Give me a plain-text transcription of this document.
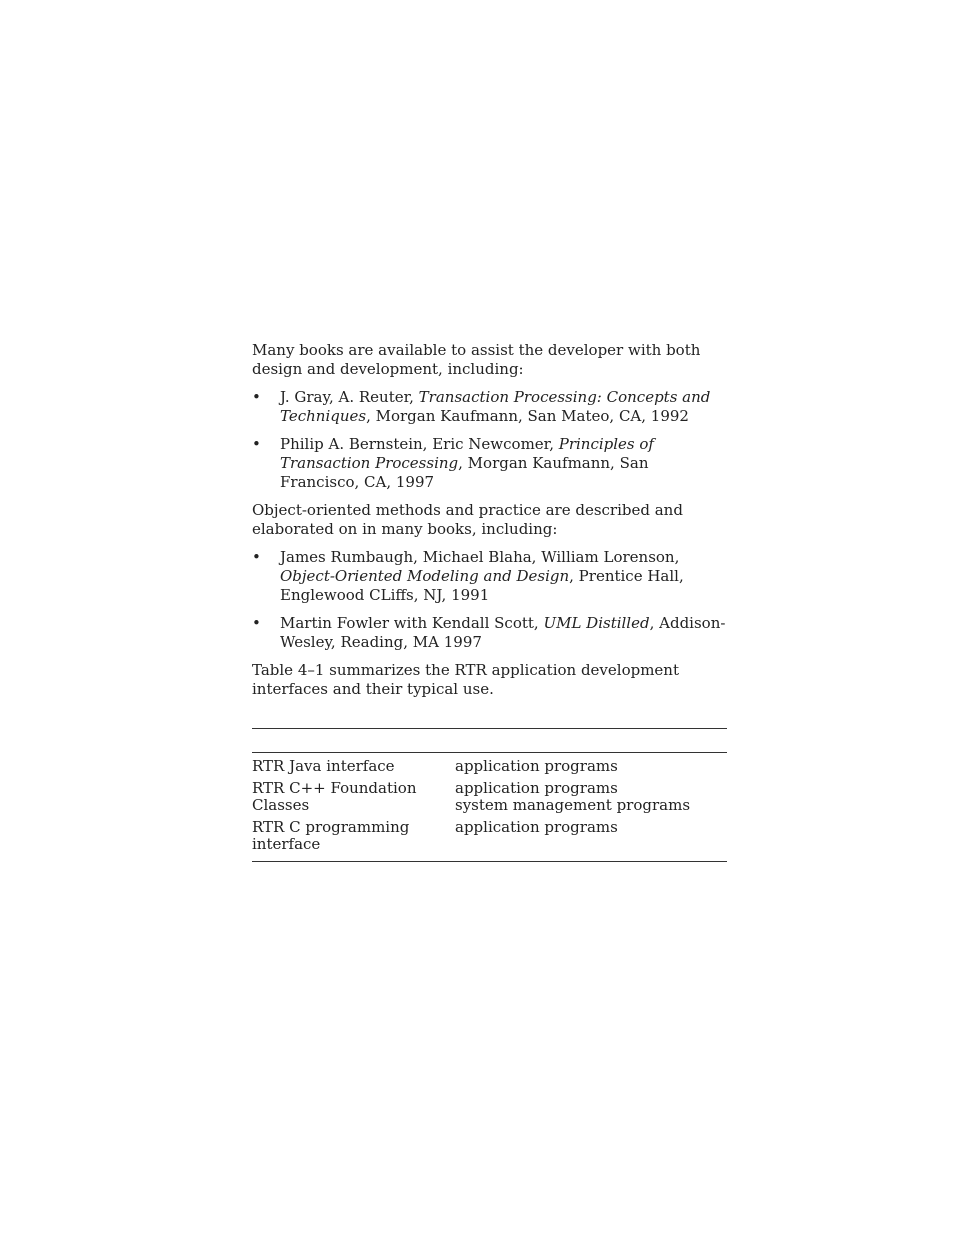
Many books are available to assist the developer with both design and development, including:

• J. Gray, A. Reuter, Transaction Processing: Concepts and Techniques, Morgan Kaufmann, San Mateo, CA, 1992
• Philip A. Bernstein, Eric Newcomer, Principles of Transaction Processing, Morgan Kaufmann, San Francisco, CA, 1997

Object-oriented methods and practice are described and elaborated on in many books, including:

• James Rumbaugh, Michael Blaha, William Lorenson, Object-Oriented Modeling and Design, Prentice Hall, Englewood CLiffs, NJ, 1991
• Martin Fowler with Kendall Scott, UML Distilled, Addison-Wesley, Reading, MA 1997

Table 4–1 summarizes the RTR application development interfaces and their typical use.

RTR Java interface	application programs

RTR C++ Foundation Classes	application programs
system management programs

RTR C programming interface	application programs
